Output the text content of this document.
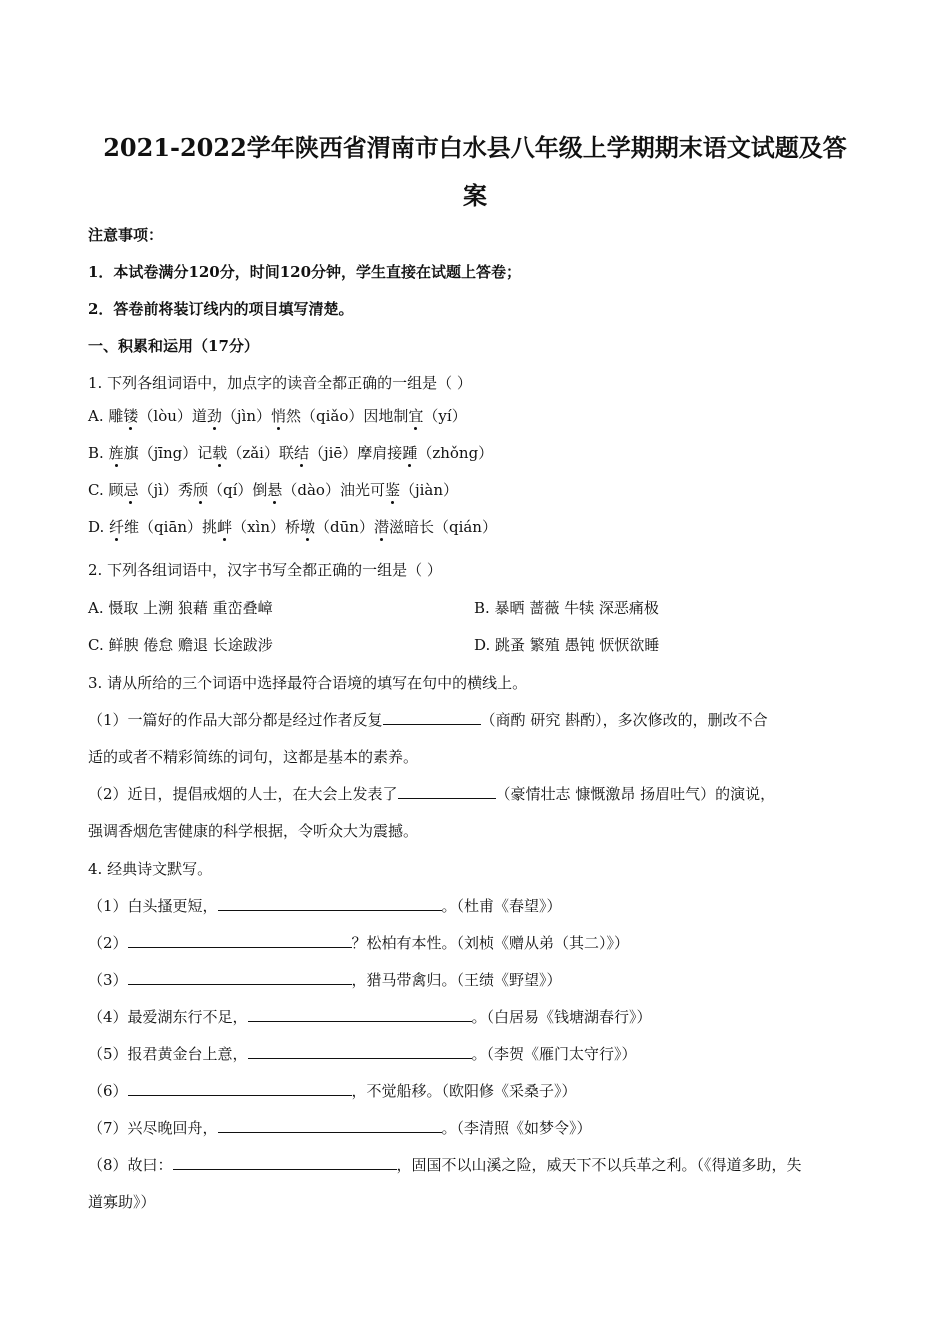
2021-2022学年陕西省渭南市白水县八年级上学期期末语文试题及答
案
注意事项：
1．本试卷满分120分，时间120分钟，学生直接在试题上答卷；
2．答卷前将装订线内的项目填写清楚。
一、积累和运用（17分）
1. 下列各组词语中，加点字的读音全都正确的一组是（ ）
A. 雕镂（lòu）道劲（jìn）悄然（qiǎo）因地制宜（yí）
B. 旌旗（jīng）记载（zǎi）联结（jiē）摩肩接踵（zhǒng）
C. 顾忌（jì）秀颀（qí）倒悬（dào）油光可鉴（jiàn）
D. 纤维（qiān）挑衅（xìn）桥墩（dūn）潜滋暗长（qián）
2. 下列各组词语中，汉字书写全都正确的一组是（ ）
A. 慑取 上溯 狼藉 重峦叠嶂	B. 暴晒 蔷薇 牛犊 深恶痛极
C. 鲜腴 倦怠 赡退 长途跋涉	D. 跳蚤 繁殖 愚钝 恹恹欲睡
3. 请从所给的三个词语中选择最符合语境的填写在句中的横线上。
（1）一篇好的作品大部分都是经过作者反复	（商酌 研究 斟酌），多次修改的，删改不合
适的或者不精彩简练的词句，这都是基本的素养。
（2）近日，提倡戒烟的人士，在大会上发表了	（豪情壮志 慷慨激昂 扬眉吐气）的演说，
强调香烟危害健康的科学根据，令听众大为震撼。
4. 经典诗文默写。
（1）白头搔更短，	。（杜甫《春望》）
（2）	？松柏有本性。（刘桢《赠从弟（其二）》）
（3）	，猎马带禽归。（王绩《野望》）
（4）最爱湖东行不足，	。（白居易《钱塘湖春行》）
（5）报君黄金台上意，	。（李贺《雁门太守行》）
（6）	，不觉船移。（欧阳修《采桑子》）
（7）兴尽晚回舟，	。（李清照《如梦令》）
（8）故曰：	，固国不以山溪之险，威天下不以兵革之利。（《得道多助，失
道寡助》）
